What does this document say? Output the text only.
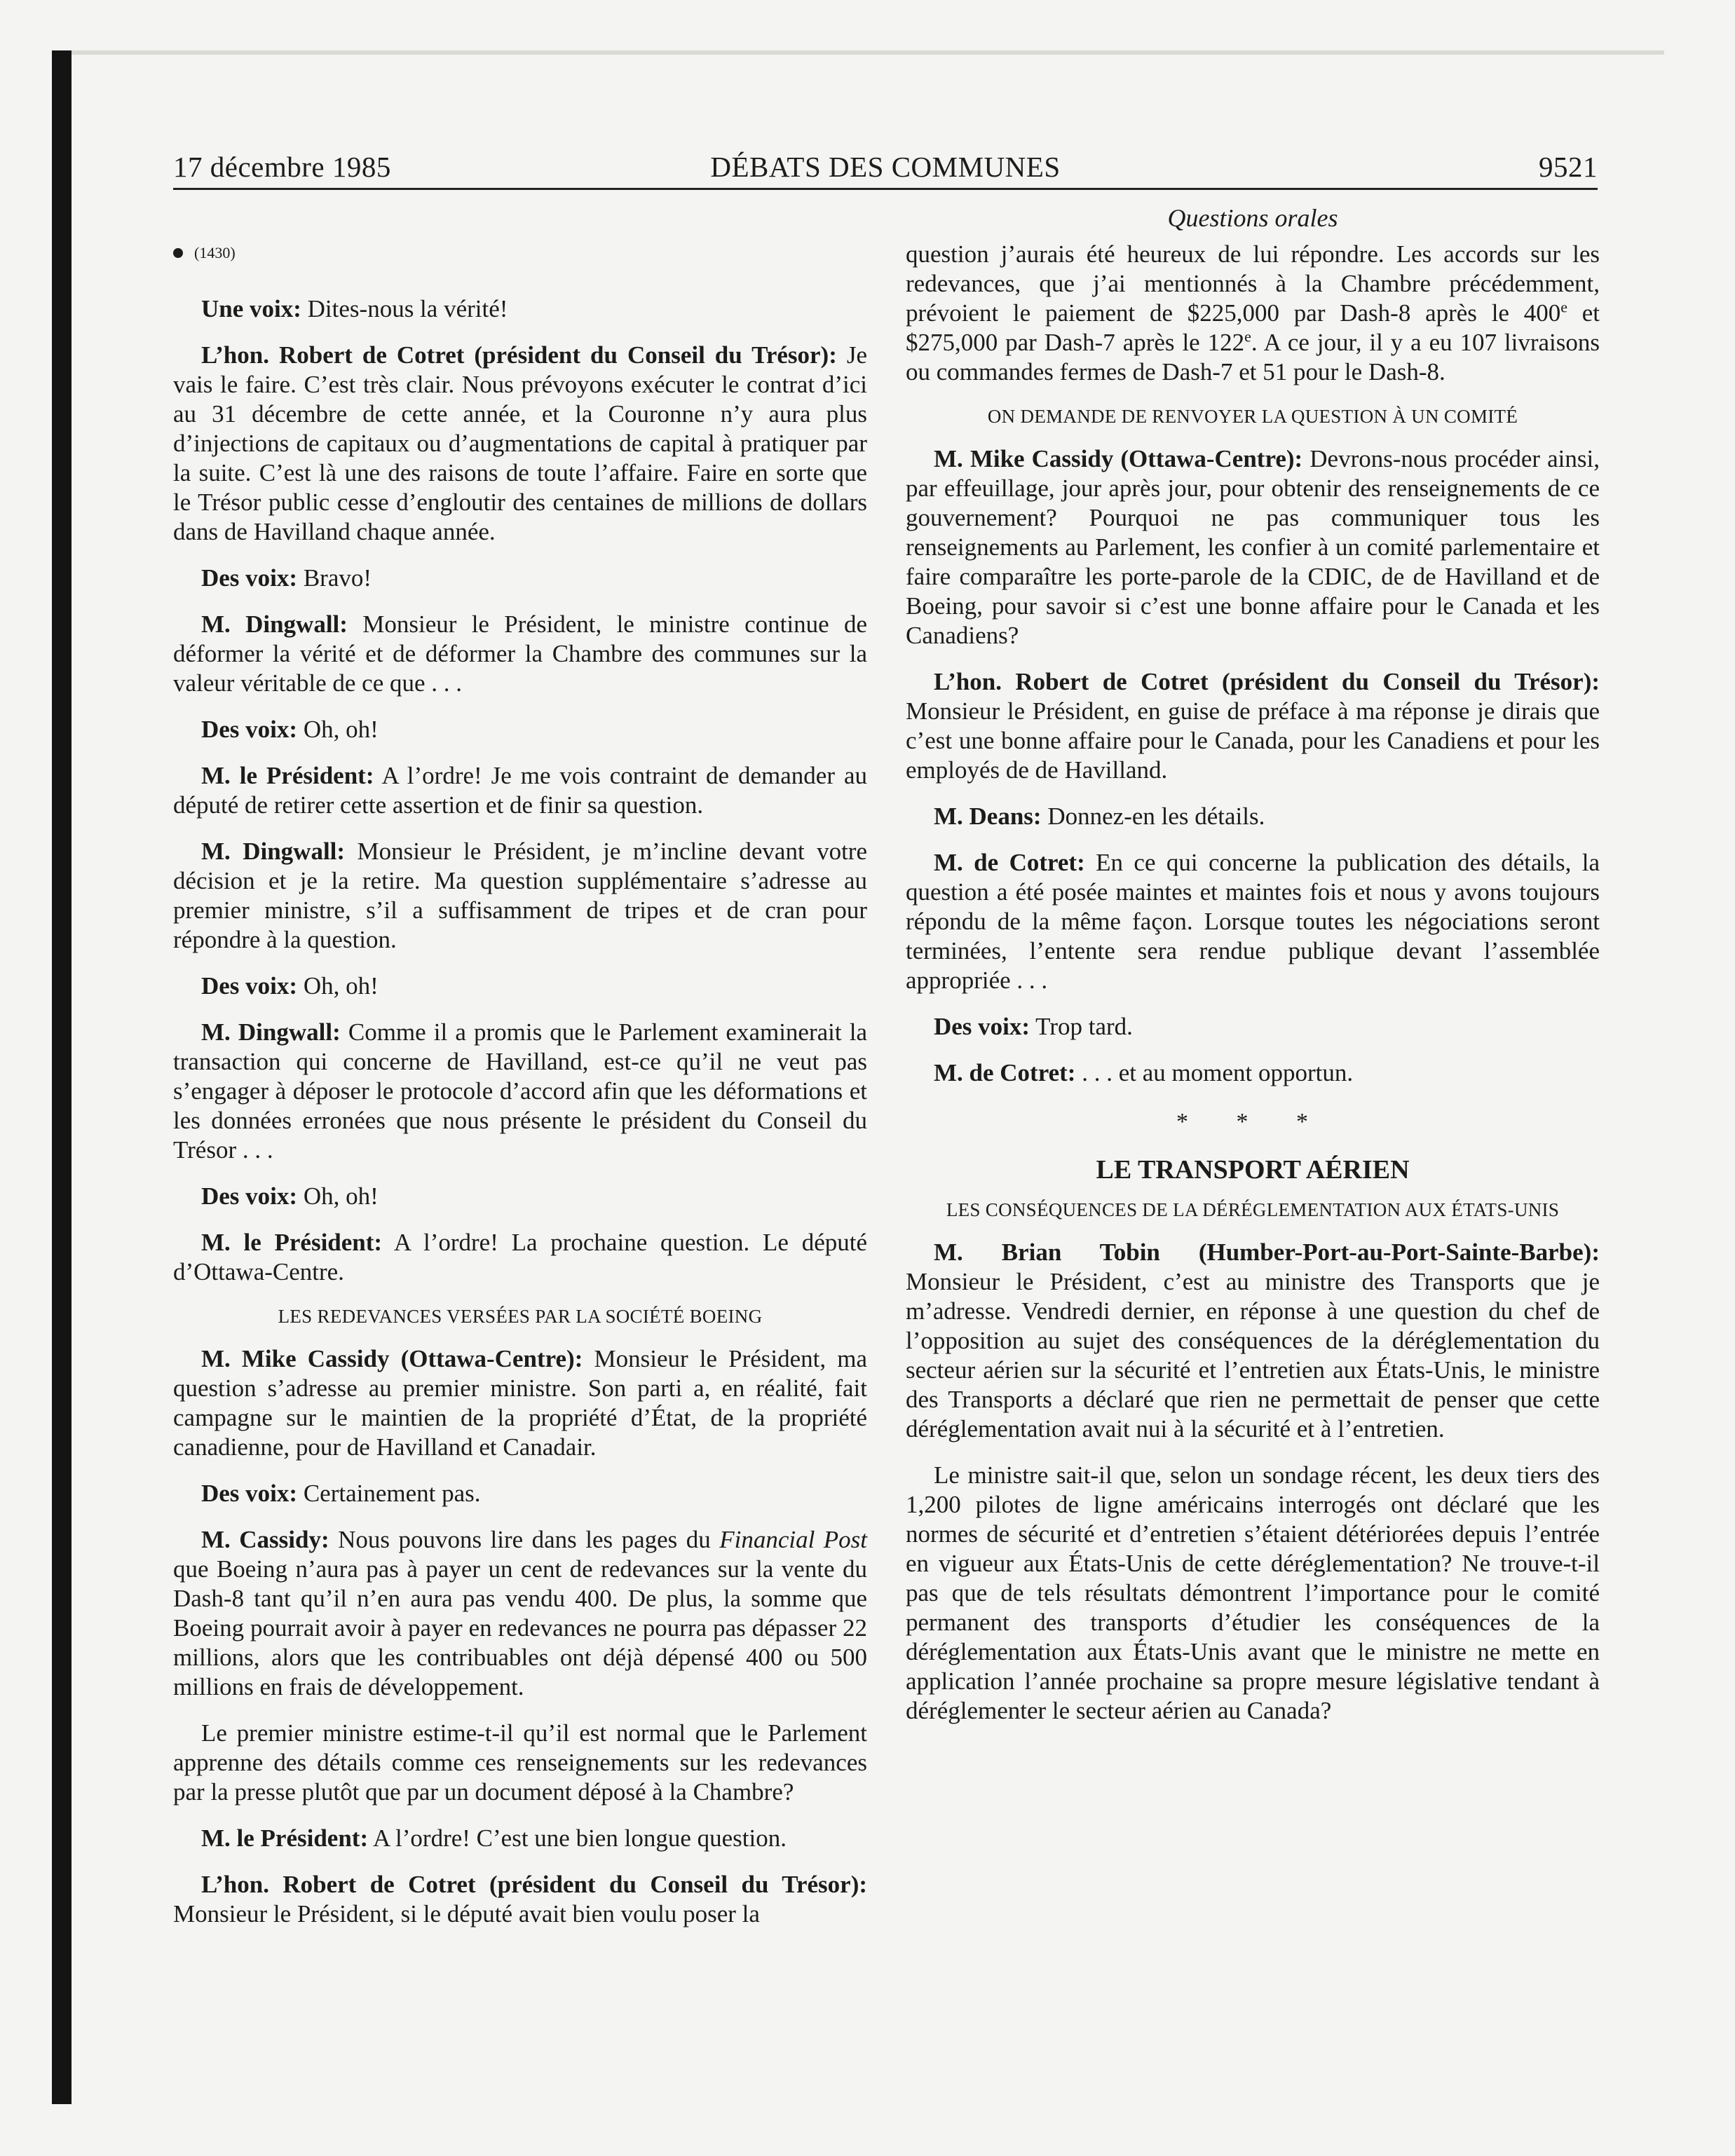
17 décembre 1985	DÉBATS DES COMMUNES	9521
(1430)

Une voix: Dites-nous la vérité!

L’hon. Robert de Cotret (président du Conseil du Trésor): Je vais le faire. C’est très clair. Nous prévoyons exécuter le contrat d’ici au 31 décembre de cette année, et la Couronne n’y aura plus d’injections de capitaux ou d’augmentations de capital à pratiquer par la suite. C’est là une des raisons de toute l’affaire. Faire en sorte que le Trésor public cesse d’engloutir des centaines de millions de dollars dans de Havilland chaque année.

Des voix: Bravo!

M. Dingwall: Monsieur le Président, le ministre continue de déformer la vérité et de déformer la Chambre des communes sur la valeur véritable de ce que . . .

Des voix: Oh, oh!

M. le Président: A l’ordre! Je me vois contraint de demander au député de retirer cette assertion et de finir sa question.

M. Dingwall: Monsieur le Président, je m’incline devant votre décision et je la retire. Ma question supplémentaire s’adresse au premier ministre, s’il a suffisamment de tripes et de cran pour répondre à la question.

Des voix: Oh, oh!

M. Dingwall: Comme il a promis que le Parlement examinerait la transaction qui concerne de Havilland, est-ce qu’il ne veut pas s’engager à déposer le protocole d’accord afin que les déformations et les données erronées que nous présente le président du Conseil du Trésor . . .

Des voix: Oh, oh!

M. le Président: A l’ordre! La prochaine question. Le député d’Ottawa-Centre.

LES REDEVANCES VERSÉES PAR LA SOCIÉTÉ BOEING

M. Mike Cassidy (Ottawa-Centre): Monsieur le Président, ma question s’adresse au premier ministre. Son parti a, en réalité, fait campagne sur le maintien de la propriété d’État, de la propriété canadienne, pour de Havilland et Canadair.

Des voix: Certainement pas.

M. Cassidy: Nous pouvons lire dans les pages du Financial Post que Boeing n’aura pas à payer un cent de redevances sur la vente du Dash-8 tant qu’il n’en aura pas vendu 400. De plus, la somme que Boeing pourrait avoir à payer en redevances ne pourra pas dépasser 22 millions, alors que les contribuables ont déjà dépensé 400 ou 500 millions en frais de développement.

Le premier ministre estime-t-il qu’il est normal que le Parlement apprenne des détails comme ces renseignements sur les redevances par la presse plutôt que par un document déposé à la Chambre?

M. le Président: A l’ordre! C’est une bien longue question.

L’hon. Robert de Cotret (président du Conseil du Trésor): Monsieur le Président, si le député avait bien voulu poser la

Questions orales

question j’aurais été heureux de lui répondre. Les accords sur les redevances, que j’ai mentionnés à la Chambre précédemment, prévoient le paiement de $225,000 par Dash-8 après le 400e et $275,000 par Dash-7 après le 122e. A ce jour, il y a eu 107 livraisons ou commandes fermes de Dash-7 et 51 pour le Dash-8.

ON DEMANDE DE RENVOYER LA QUESTION À UN COMITÉ

M. Mike Cassidy (Ottawa-Centre): Devrons-nous procéder ainsi, par effeuillage, jour après jour, pour obtenir des renseignements de ce gouvernement? Pourquoi ne pas communiquer tous les renseignements au Parlement, les confier à un comité parlementaire et faire comparaître les porte-parole de la CDIC, de de Havilland et de Boeing, pour savoir si c’est une bonne affaire pour le Canada et les Canadiens?

L’hon. Robert de Cotret (président du Conseil du Trésor): Monsieur le Président, en guise de préface à ma réponse je dirais que c’est une bonne affaire pour le Canada, pour les Canadiens et pour les employés de de Havilland.

M. Deans: Donnez-en les détails.

M. de Cotret: En ce qui concerne la publication des détails, la question a été posée maintes et maintes fois et nous y avons toujours répondu de la même façon. Lorsque toutes les négociations seront terminées, l’entente sera rendue publique devant l’assemblée appropriée . . .

Des voix: Trop tard.

M. de Cotret: . . . et au moment opportun.

* * *
LE TRANSPORT AÉRIEN
LES CONSÉQUENCES DE LA DÉRÉGLEMENTATION AUX ÉTATS-UNIS

M. Brian Tobin (Humber-Port-au-Port-Sainte-Barbe): Monsieur le Président, c’est au ministre des Transports que je m’adresse. Vendredi dernier, en réponse à une question du chef de l’opposition au sujet des conséquences de la déréglementation du secteur aérien sur la sécurité et l’entretien aux États-Unis, le ministre des Transports a déclaré que rien ne permettait de penser que cette déréglementation avait nui à la sécurité et à l’entretien.

Le ministre sait-il que, selon un sondage récent, les deux tiers des 1,200 pilotes de ligne américains interrogés ont déclaré que les normes de sécurité et d’entretien s’étaient détériorées depuis l’entrée en vigueur aux États-Unis de cette déréglementation? Ne trouve-t-il pas que de tels résultats démontrent l’importance pour le comité permanent des transports d’étudier les conséquences de la déréglementation aux États-Unis avant que le ministre ne mette en application l’année prochaine sa propre mesure législative tendant à déréglementer le secteur aérien au Canada?
